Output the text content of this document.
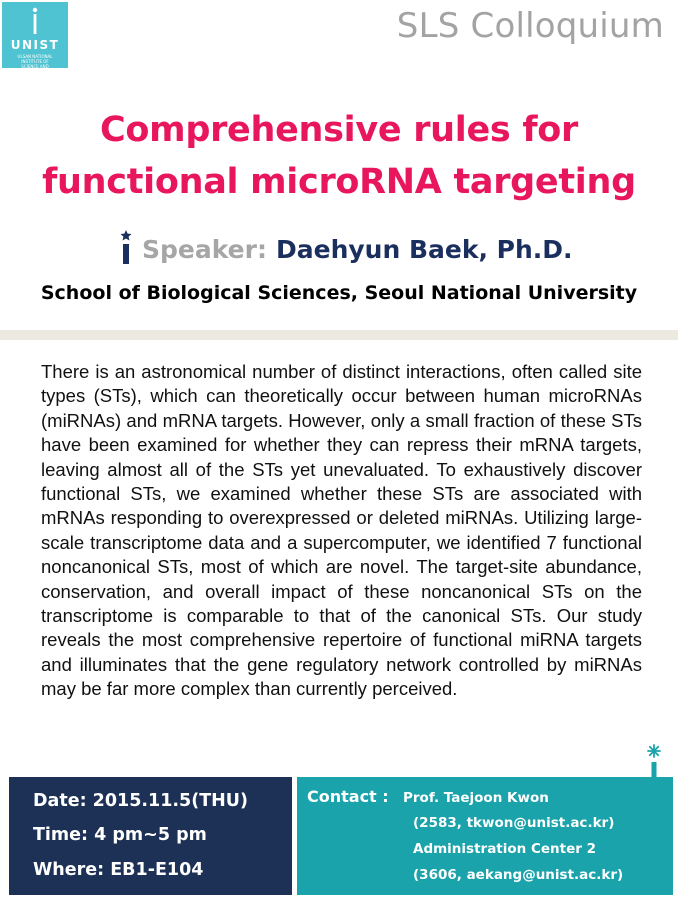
UNIST
ULSAN NATIONAL INSTITUTE OF
SCIENCE AND TECHNOLOGY
2007
SLS Colloquium
Comprehensive rules for
functional microRNA targeting
Speaker: Daehyun Baek, Ph.D.
School of Biological Sciences, Seoul National University

There is an astronomical number of distinct interactions, often called site types (STs), which can theoretically occur between human microRNAs (miRNAs) and mRNA targets. However, only a small fraction of these STs have been examined for whether they can repress their mRNA targets, leaving almost all of the STs yet unevaluated. To exhaustively discover functional STs, we examined whether these STs are associated with mRNAs responding to overexpressed or deleted miRNAs. Utilizing large-scale transcriptome data and a supercomputer, we identified 7 functional noncanonical STs, most of which are novel. The target-site abundance, conservation, and overall impact of these noncanonical STs on the transcriptome is comparable to that of the canonical STs. Our study reveals the most comprehensive repertoire of functional miRNA targets and illuminates that the gene regulatory network controlled by miRNAs may be far more complex than currently perceived.

Date: 2015.11.5(THU)
Time: 4 pm~5 pm
Where: EB1-E104
Contact : Prof. Taejoon Kwon
(2583, tkwon@unist.ac.kr)
Administration Center 2
(3606, aekang@unist.ac.kr)
